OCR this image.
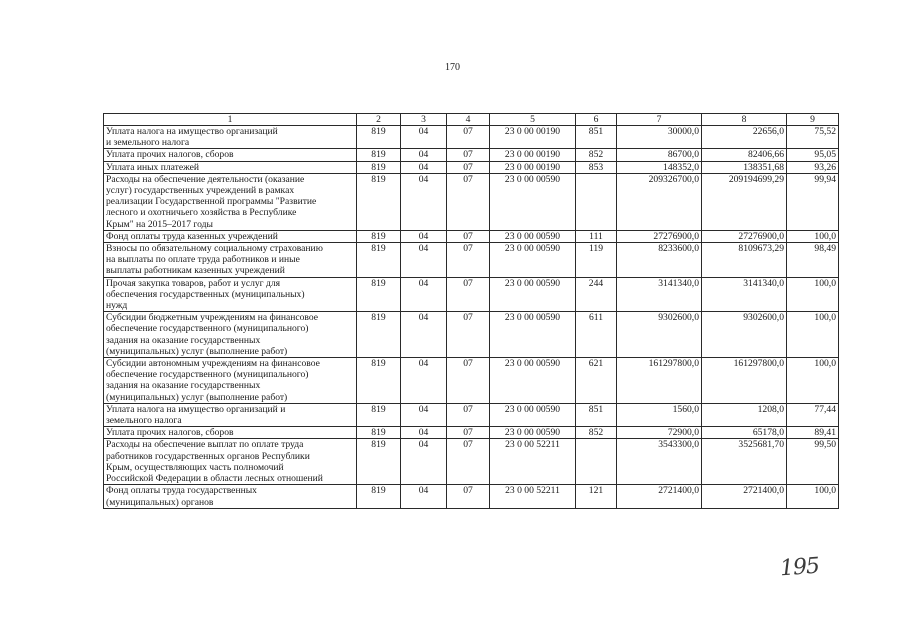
170
1	2	3	4	5	6	7	8	9
Уплата налога на имущество организаций
и земельного налога	819	04	07	23 0 00 00190	851	30000,0	22656,0	75,52
Уплата прочих налогов, сборов	819	04	07	23 0 00 00190	852	86700,0	82406,66	95,05
Уплата иных платежей	819	04	07	23 0 00 00190	853	148352,0	138351,68	93,26
Расходы на обеспечение деятельности (оказание
услуг) государственных учреждений в рамках
реализации Государственной программы "Развитие
лесного и охотничьего хозяйства в Республике
Крым" на 2015–2017 годы	819	04	07	23 0 00 00590		209326700,0	209194699,29	99,94
Фонд оплаты труда казенных учреждений	819	04	07	23 0 00 00590	111	27276900,0	27276900,0	100,0
Взносы по обязательному социальному страхованию
на выплаты по оплате труда работников и иные
выплаты работникам казенных учреждений	819	04	07	23 0 00 00590	119	8233600,0	8109673,29	98,49
Прочая закупка товаров, работ и услуг для
обеспечения государственных (муниципальных)
нужд	819	04	07	23 0 00 00590	244	3141340,0	3141340,0	100,0
Субсидии бюджетным учреждениям на финансовое
обеспечение государственного (муниципального)
задания на оказание государственных
(муниципальных) услуг (выполнение работ)	819	04	07	23 0 00 00590	611	9302600,0	9302600,0	100,0
Субсидии автономным учреждениям на финансовое
обеспечение государственного (муниципального)
задания на оказание государственных
(муниципальных) услуг (выполнение работ)	819	04	07	23 0 00 00590	621	161297800,0	161297800,0	100,0
Уплата налога на имущество организаций и
земельного налога	819	04	07	23 0 00 00590	851	1560,0	1208,0	77,44
Уплата прочих налогов, сборов	819	04	07	23 0 00 00590	852	72900,0	65178,0	89,41
Расходы на обеспечение выплат по оплате труда
работников государственных органов Республики
Крым, осуществляющих часть полномочий
Российской Федерации в области лесных отношений	819	04	07	23 0 00 52211		3543300,0	3525681,70	99,50
Фонд оплаты труда государственных
(муниципальных) органов	819	04	07	23 0 00 52211	121	2721400,0	2721400,0	100,0
195
